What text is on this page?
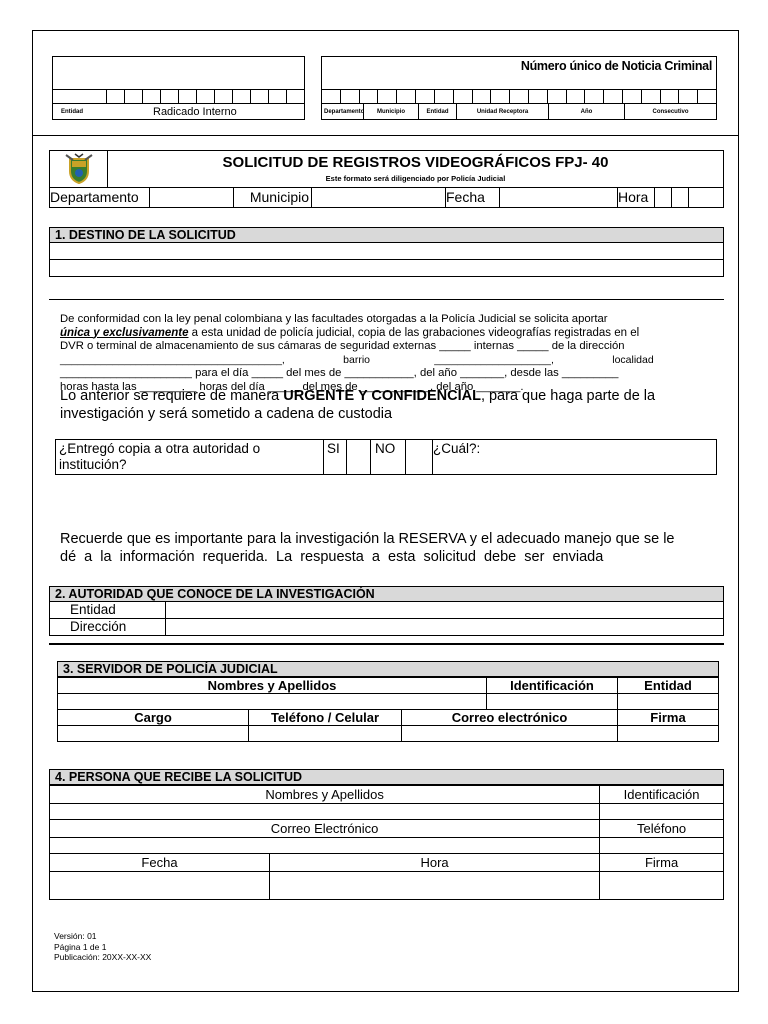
Entidad	Radicado Interno
Número único de Noticia Criminal
Departamento	Municipio	Entidad	Unidad Receptora	Año	Consecutivo
SOLICITUD DE REGISTROS VIDEOGRÁFICOS FPJ- 40
Este formato será diligenciado por Policía Judicial
Departamento	Municipio	Fecha	Hora
1. DESTINO DE LA SOLICITUD
De conformidad con la ley penal colombiana y las facultades otorgadas a la Policía Judicial se solicita aportar
única y exclusivamente a esta unidad de policía judicial, copia de las grabaciones videografías registradas en el
DVR o terminal de almacenamiento de sus cámaras de seguridad externas _____ internas _____ de la dirección
______________________________________,                    barrio                      ____________________,                    localidad
_____________________ para el día _____ del mes de ___________, del año _______, desde las _________
horas hasta las _________ horas del día _____ del mes de ___________, del año _______.
Lo anterior se requiere de manera URGENTE Y CONFIDENCIAL, para que haga parte de la
investigación y será sometido a cadena de custodia
¿Entregó copia a otra autoridad o institución?
SI	NO	¿Cuál?:
Recuerde que es importante para la investigación la RESERVA y el adecuado manejo que se le
dé  a  la  información  requerida.  La  respuesta  a  esta  solicitud  debe  ser  enviada
2. AUTORIDAD QUE CONOCE DE LA INVESTIGACIÓN
Entidad
Dirección
3. SERVIDOR DE POLICÍA JUDICIAL
Nombres y Apellidos			Identificación	Entidad

Cargo	Teléfono / Celular	Correo electrónico		Firma

4. PERSONA QUE RECIBE LA SOLICITUD
Nombres y Apellidos		Identificación

Correo Electrónico		Teléfono

Fecha	Hora	Firma

Versión: 01
Página 1 de 1
Publicación: 20XX-XX-XX
